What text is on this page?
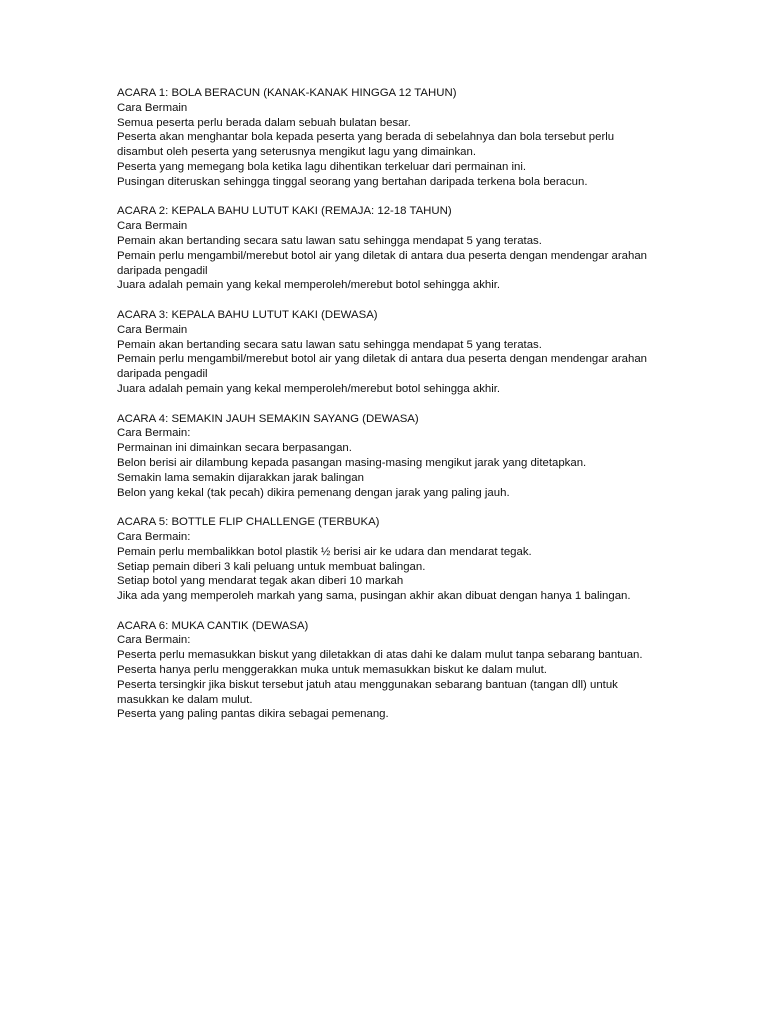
ACARA 1: BOLA BERACUN (KANAK-KANAK HINGGA 12 TAHUN)
Cara Bermain
Semua peserta perlu berada dalam sebuah bulatan besar.
Peserta akan menghantar bola kepada peserta yang berada di sebelahnya dan bola tersebut perlu disambut oleh peserta yang seterusnya mengikut lagu yang dimainkan.
Peserta yang memegang bola ketika lagu dihentikan terkeluar dari permainan ini.
Pusingan diteruskan sehingga tinggal seorang yang bertahan daripada terkena bola beracun.
ACARA 2: KEPALA BAHU LUTUT KAKI (REMAJA: 12-18 TAHUN)
Cara Bermain
Pemain akan bertanding secara satu lawan satu sehingga mendapat 5 yang teratas.
Pemain perlu mengambil/merebut botol air yang diletak di antara dua peserta dengan mendengar arahan daripada pengadil
Juara adalah pemain yang kekal memperoleh/merebut botol sehingga akhir.
ACARA 3: KEPALA BAHU LUTUT KAKI (DEWASA)
Cara Bermain
Pemain akan bertanding secara satu lawan satu sehingga mendapat 5 yang teratas.
Pemain perlu mengambil/merebut botol air yang diletak di antara dua peserta dengan mendengar arahan daripada pengadil
Juara adalah pemain yang kekal memperoleh/merebut botol sehingga akhir.
ACARA 4: SEMAKIN JAUH SEMAKIN SAYANG (DEWASA)
Cara Bermain:
Permainan ini dimainkan secara berpasangan.
Belon berisi air dilambung kepada pasangan masing-masing mengikut jarak yang ditetapkan.
Semakin lama semakin dijarakkan jarak balingan
Belon yang kekal (tak pecah) dikira pemenang dengan jarak yang paling jauh.
ACARA 5: BOTTLE FLIP CHALLENGE (TERBUKA)
Cara Bermain:
Pemain perlu membalikkan botol plastik ½ berisi air ke udara dan mendarat tegak.
Setiap pemain diberi 3 kali peluang untuk membuat balingan.
Setiap botol yang mendarat tegak akan diberi 10 markah
Jika ada yang memperoleh markah yang sama, pusingan akhir akan dibuat dengan hanya 1 balingan.
ACARA 6: MUKA CANTIK (DEWASA)
Cara Bermain:
Peserta perlu memasukkan biskut yang diletakkan di atas dahi ke dalam mulut tanpa sebarang bantuan.
Peserta hanya perlu menggerakkan muka untuk memasukkan biskut ke dalam mulut.
Peserta tersingkir jika biskut tersebut jatuh atau menggunakan sebarang bantuan (tangan dll) untuk masukkan ke dalam mulut.
Peserta yang paling pantas dikira sebagai pemenang.
